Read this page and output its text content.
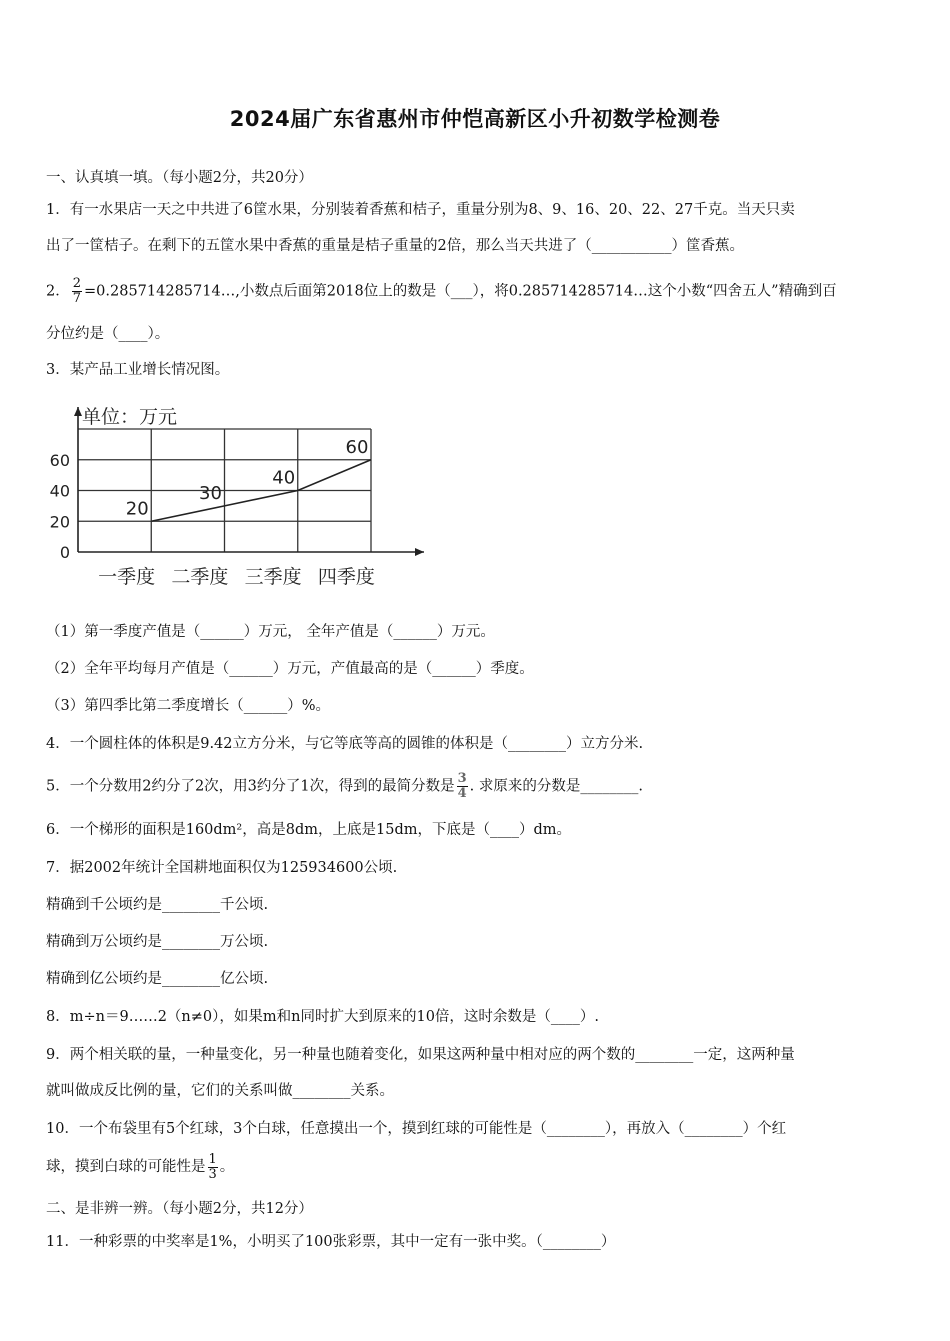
2024届广东省惠州市仲恺高新区小升初数学检测卷
一、认真填一填。（每小题2分，共20分）
1．有一水果店一天之中共进了6筐水果，分别装着香蕉和桔子，重量分别为8、9、16、20、22、27千克。当天只卖
出了一筐桔子。在剩下的五筐水果中香蕉的重量是桔子重量的2倍，那么当天共进了（___________）筐香蕉。
2． $\frac{2}{7}$ =0.285714285714…,小数点后面第2018位上的数是（___），将0.285714285714…这个小数“四舍五人”精确到百
分位约是（____）。
3．某产品工业增长情况图。
单位：万元
0
20
40
60
一季度 二季度 三季度 四季度
20
30
40
60
（1）第一季度产值是（______）万元， 全年产值是（______）万元。
（2）全年平均每月产值是（______）万元，产值最高的是（______）季度。
（3）第四季比第二季度增长（______）%。
4．一个圆柱体的体积是9.42立方分米，与它等底等高的圆锥的体积是（________）立方分米.
5．一个分数用2约分了2次，用3约分了1次，得到的最简分数是 $\frac{3}{4}$ . 求原来的分数是________.
6．一个梯形的面积是160dm²，高是8dm，上底是15dm，下底是（____）dm。
7．据2002年统计全国耕地面积仅为125934600公顷.
精确到千公顷约是________千公顷.
精确到万公顷约是________万公顷.
精确到亿公顷约是________亿公顷.
8．m÷n＝9……2（n≠0），如果m和n同时扩大到原来的10倍，这时余数是（____）.
9．两个相关联的量，一种量变化，另一种量也随着变化，如果这两种量中相对应的两个数的________一定，这两种量
就叫做成反比例的量，它们的关系叫做________关系。
10．一个布袋里有5个红球，3个白球，任意摸出一个，摸到红球的可能性是（________），再放入（________）个红
球，摸到白球的可能性是 $\frac{1}{3}$ 。
二、是非辨一辨。（每小题2分，共12分）
11．一种彩票的中奖率是1%，小明买了100张彩票，其中一定有一张中奖。（________）
